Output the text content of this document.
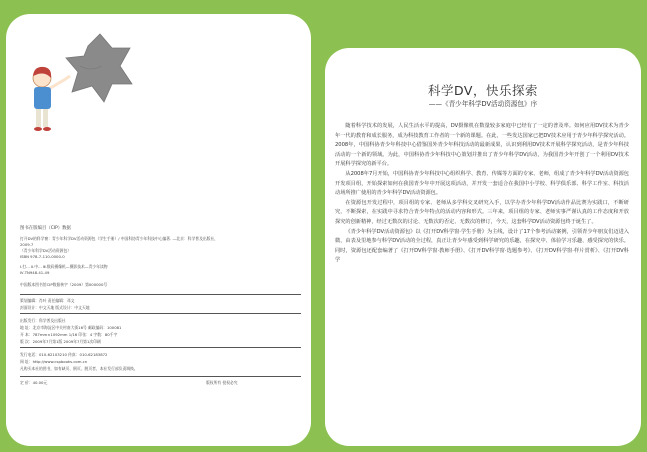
图书在版编目（CIP）数据
打开DV的科学窗：青少年科学DV活动资源包（学生手册）/ 中国科协青少年科技中心编著. —北京：科学普及出版社，
2009.7
（青少年科学DV活动资源包）
ISBN 978-7-110-0000-0
Ⅰ.打… Ⅱ.中… Ⅲ.数码摄像机—摄影技术—青少年读物
Ⅳ.TN948.41-49
中国版本图书馆CIP数据核字（2009）第000000号
策划编辑：肖叶 责任编辑：邓文
封面设计：中文天地 版式设计：中文天地
出版发行：科学普及出版社
地 址：北京市海淀区中关村南大街16号 邮政编码：100081
开 本：787mm×1092mm 1/16 印张：4 字数：80千字
版 次：2009年7月第1版 2009年7月第1次印刷
发行电话：010-62103210 传真：010-62183872
网 址：http://www.cspbooks.com.cn
凡购买本社的图书，如有缺页、倒页、脱页者，本社发行部负责调换。
定 价：40.00元	版权所有 侵权必究
科学DV，快乐探索
——《青少年科学DV活动资源包》序

随着科学技术的发展，人民生活水平的提高，DV摄像机在数量较多家庭中已经有了一定的普及率。如何应用DV技术为青少年一代的教育和成长服务，成为科技教育工作者的一个新的课题。在此，一些发达国家已把DV技术应用于青少年科学探究活动。2008年，中国科协青少年科技中心借鉴国外青少年科技活动的最新成果，认识到利用DV技术开展科学探究活动，是青少年科技活动的一个新的领域。为此，中国科协青少年科技中心策划并推出了青少年科学DV活动，为我国青少年开创了一个利用DV技术开展科学探究的新平台。

从2008年7月开始，中国科协青少年科技中心组织科学、教育、传媒等方面的专家、老师，组成了青少年科学DV活动资源包开发项目组，开始探索如何在我国青少年中开展这项活动，并开发一套适合在我国中小学校、科学俱乐部、科学工作室、科技活动场所推广使用的青少年科学DV活动资源包。

在资源包开发过程中，项目组的专家、老师从多学科交叉研究入手，以学办青少年科学DV活动作品比赛为实践口，不断研究，不断探索，在实践中寻求符合青少年特点的活动内容和形式。三年来，项目组的专家、老师实事严谨认真的工作态度和开放探究的创新精神，经过无数次的讨论、无数次的否定、无数次的修订，今天，这套科学DV活动资源包终于诞生了。

《青少年科学DV活动资源包》以《打开DV科学窗·学生手册》为主线，设计了17个参考活动案例，引领青少年朋友们迈进入微，由表及里地参与科学DV活动的全过程，真正让青少年感受到科学研究的乐趣，在探究中、体验学习乐趣、感受探究的快乐。同时，资源包还配套编著了《打开DV科学窗·教师手册》、《打开DV科学窗·选题参考》、《打开DV科学窗·样片赏析》、《打开DV科学
